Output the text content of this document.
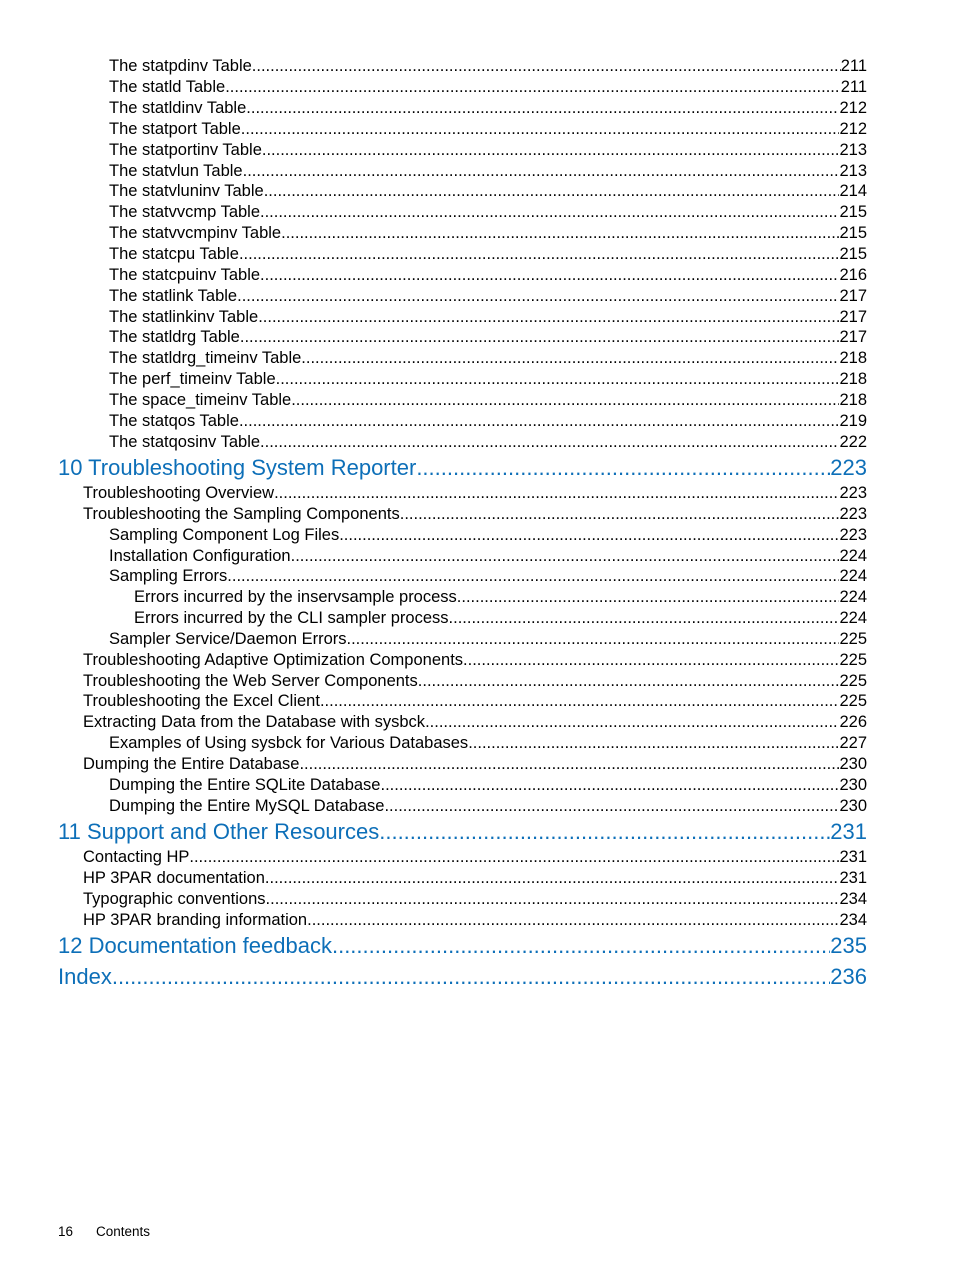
The statpdinv Table .....	211
The statld Table .....	211
The statldinv Table .....	212
The statport Table .....	212
The statportinv Table .....	213
The statvlun Table .....	213
The statvluninv Table .....	214
The statvvcmp Table .....	215
The statvvcmpinv Table .....	215
The statcpu Table .....	215
The statcpuinv Table .....	216
The statlink Table .....	217
The statlinkinv Table .....	217
The statldrg Table .....	217
The statldrg_timeinv Table .....	218
The perf_timeinv Table .....	218
The space_timeinv Table .....	218
The statqos Table .....	219
The statqosinv Table .....	222
10 Troubleshooting System Reporter .....	223
Troubleshooting Overview .....	223
Troubleshooting the Sampling Components .....	223
Sampling Component Log Files .....	223
Installation Configuration .....	224
Sampling Errors .....	224
Errors incurred by the inservsample process .....	224
Errors incurred by the CLI sampler process .....	224
Sampler Service/Daemon Errors .....	225
Troubleshooting Adaptive Optimization Components .....	225
Troubleshooting the Web Server Components .....	225
Troubleshooting the Excel Client .....	225
Extracting Data from the Database with sysbck .....	226
Examples of Using sysbck for Various Databases .....	227
Dumping the Entire Database .....	230
Dumping the Entire SQLite Database .....	230
Dumping the Entire MySQL Database .....	230
11 Support and Other Resources .....	231
Contacting HP .....	231
HP 3PAR documentation .....	231
Typographic conventions .....	234
HP 3PAR branding information .....	234
12 Documentation feedback .....	235
Index .....	236
16 Contents
